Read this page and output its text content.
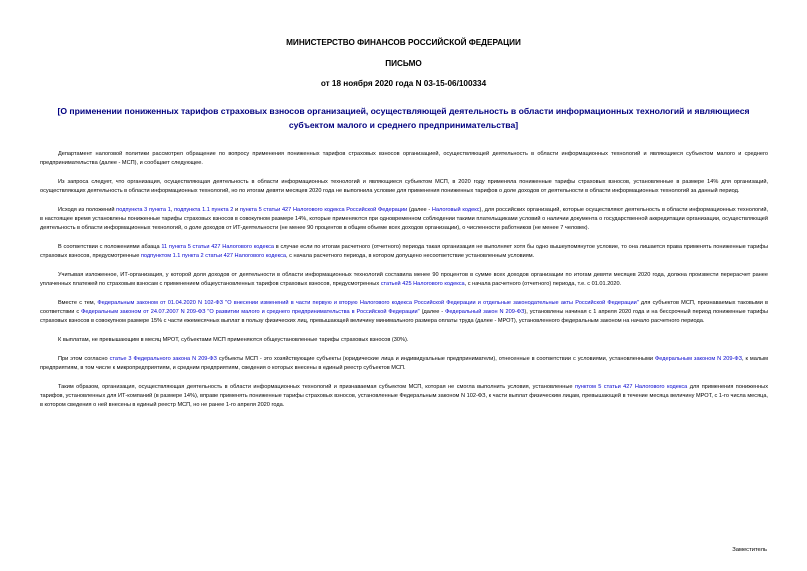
МИНИСТЕРСТВО ФИНАНСОВ РОССИЙСКОЙ ФЕДЕРАЦИИ
ПИСЬМО
от 18 ноября 2020 года N 03-15-06/100334
[О применении пониженных тарифов страховых взносов организацией, осуществляющей деятельность в области информационных технологий и являющиеся субъектом малого и среднего предпринимательства]

Департамент налоговой политики рассмотрел обращение по вопросу применения пониженных тарифов страховых взносов организацией, осуществляющей деятельность в области информационных технологий и являющиеся субъектом малого и среднего предпринимательства (далее - МСП), и сообщает следующее.

Из запроса следует, что организация, осуществляющая деятельность в области информационных технологий и являющиеся субъектом МСП, в 2020 году применяла пониженные тарифы страховых взносов, установленные в размере 14% для организаций, осуществляющих деятельность в области информационных технологий, но по итогам девяти месяцев 2020 года не выполнила условие для применения пониженных тарифов о доле доходов от деятельности в области информационных технологий за данный период.

Исходя из положений подпункта 3 пункта 1, подпункта 1.1 пункта 2 и пункта 5 статьи 427 Налогового кодекса Российской Федерации (далее - Налоговый кодекс), для российских организаций, которые осуществляют деятельность в области информационных технологий, в настоящее время установлены пониженные тарифы страховых взносов в совокупном размере 14%, которые применяются при одновременном соблюдении такими плательщиками условий о наличии документа о государственной аккредитации организации, осуществляющей деятельность в области информационных технологий, о доле доходов от ИТ-деятельности (не менее 90 процентов в общем объеме всех доходов организации), о численности работников (не менее 7 человек).

В соответствии с положениями абзаца 11 пункта 5 статьи 427 Налогового кодекса в случае если по итогам расчетного (отчетного) периода такая организация не выполняет хотя бы одно вышеупомянутое условие, то она лишается права применять пониженные тарифы страховых взносов, предусмотренные подпунктом 1.1 пункта 2 статьи 427 Налогового кодекса, с начала расчетного периода, в котором допущено несоответствие установленным условиям.

Учитывая изложенное, ИТ-организация, у которой доля доходов от деятельности в области информационных технологий составила менее 90 процентов в сумме всех доходов организации по итогам девяти месяцев 2020 года, должна произвести перерасчет ранее уплаченных платежей по страховым взносам с применением общеустановленных тарифов страховых взносов, предусмотренных статьей 425 Налогового кодекса, с начала расчетного (отчетного) периода, т.е. с 01.01.2020.

Вместе с тем, Федеральным законом от 01.04.2020 N 102-ФЗ "О внесении изменений в части первую и вторую Налогового кодекса Российской Федерации и отдельные законодательные акты Российской Федерации" для субъектов МСП, признаваемых таковыми в соответствии с Федеральным законом от 24.07.2007 N 209-ФЗ "О развитии малого и среднего предпринимательства в Российской Федерации" (далее - Федеральный закон N 209-ФЗ), установлены начиная с 1 апреля 2020 года и на бессрочный период пониженные тарифы страховых взносов в совокупном размере 15% с части ежемесячных выплат в пользу физических лиц, превышающей величину минимального размера оплаты труда (далее - МРОТ), установленного федеральным законом на начало расчетного периода.

К выплатам, не превышающим в месяц МРОТ, субъектами МСП применяются общеустановленные тарифы страховых взносов (30%).

При этом согласно статье 3 Федерального закона N 209-ФЗ субъекты МСП - это хозяйствующие субъекты (юридические лица и индивидуальные предприниматели), отнесенные в соответствии с условиями, установленными Федеральным законом N 209-ФЗ, к малым предприятиям, в том числе к микропредприятиям, и средним предприятиям, сведения о которых внесены в единый реестр субъектов МСП.

Таким образом, организация, осуществляющая деятельность в области информационных технологий и признаваемая субъектом МСП, которая не смогла выполнить условия, установленные пунктом 5 статьи 427 Налогового кодекса для применения пониженных тарифов, установленных для ИТ-компаний (в размере 14%), вправе применять пониженные тарифы страховых взносов, установленные Федеральным законом N 102-ФЗ, к части выплат физическим лицам, превышающей в течение месяца величину МРОТ, с 1-го числа месяца, в котором сведения о ней внесены в единый реестр МСП, но не ранее 1-го апреля 2020 года.

Заместитель
